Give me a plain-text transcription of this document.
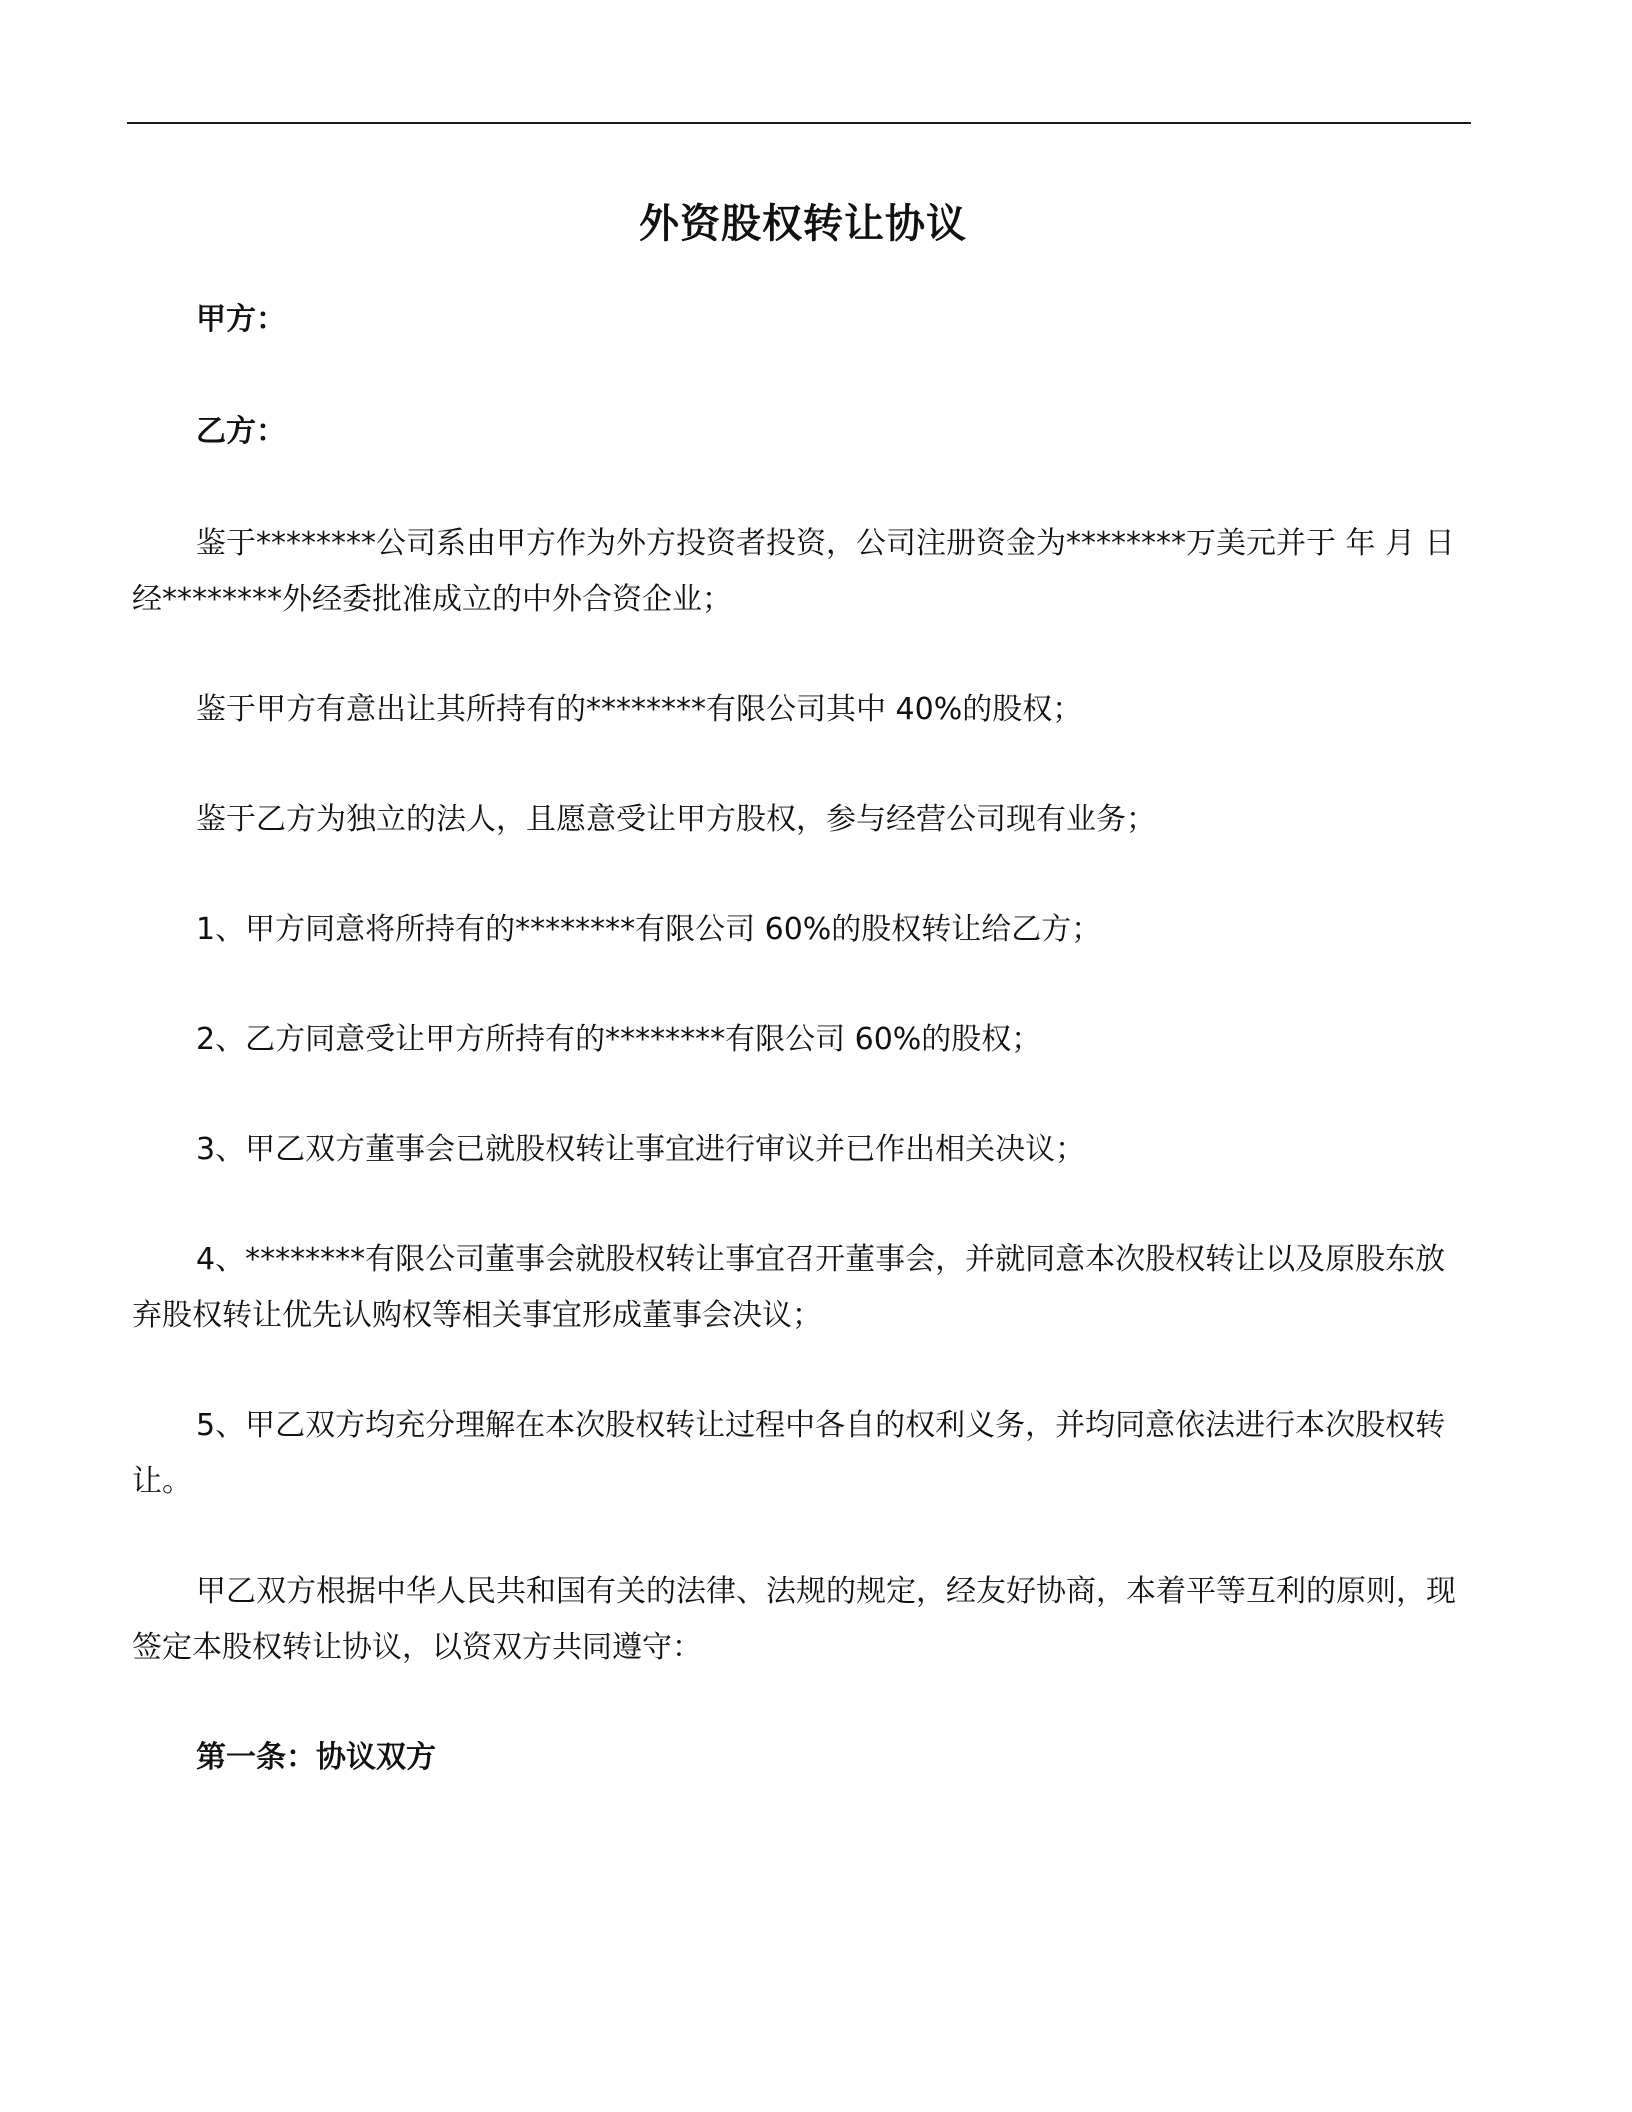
外资股权转让协议

甲方：

乙方：

鉴于********公司系由甲方作为外方投资者投资，公司注册资金为********万美元并于 年 月 日经********外经委批准成立的中外合资企业；

鉴于甲方有意出让其所持有的********有限公司其中 40%的股权；

鉴于乙方为独立的法人，且愿意受让甲方股权，参与经营公司现有业务；

1、甲方同意将所持有的********有限公司 60%的股权转让给乙方；

2、乙方同意受让甲方所持有的********有限公司 60%的股权；

3、甲乙双方董事会已就股权转让事宜进行审议并已作出相关决议；

4、********有限公司董事会就股权转让事宜召开董事会，并就同意本次股权转让以及原股东放弃股权转让优先认购权等相关事宜形成董事会决议；

5、甲乙双方均充分理解在本次股权转让过程中各自的权利义务，并均同意依法进行本次股权转让。

甲乙双方根据中华人民共和国有关的法律、法规的规定，经友好协商，本着平等互利的原则，现签定本股权转让协议，以资双方共同遵守：

第一条：协议双方
